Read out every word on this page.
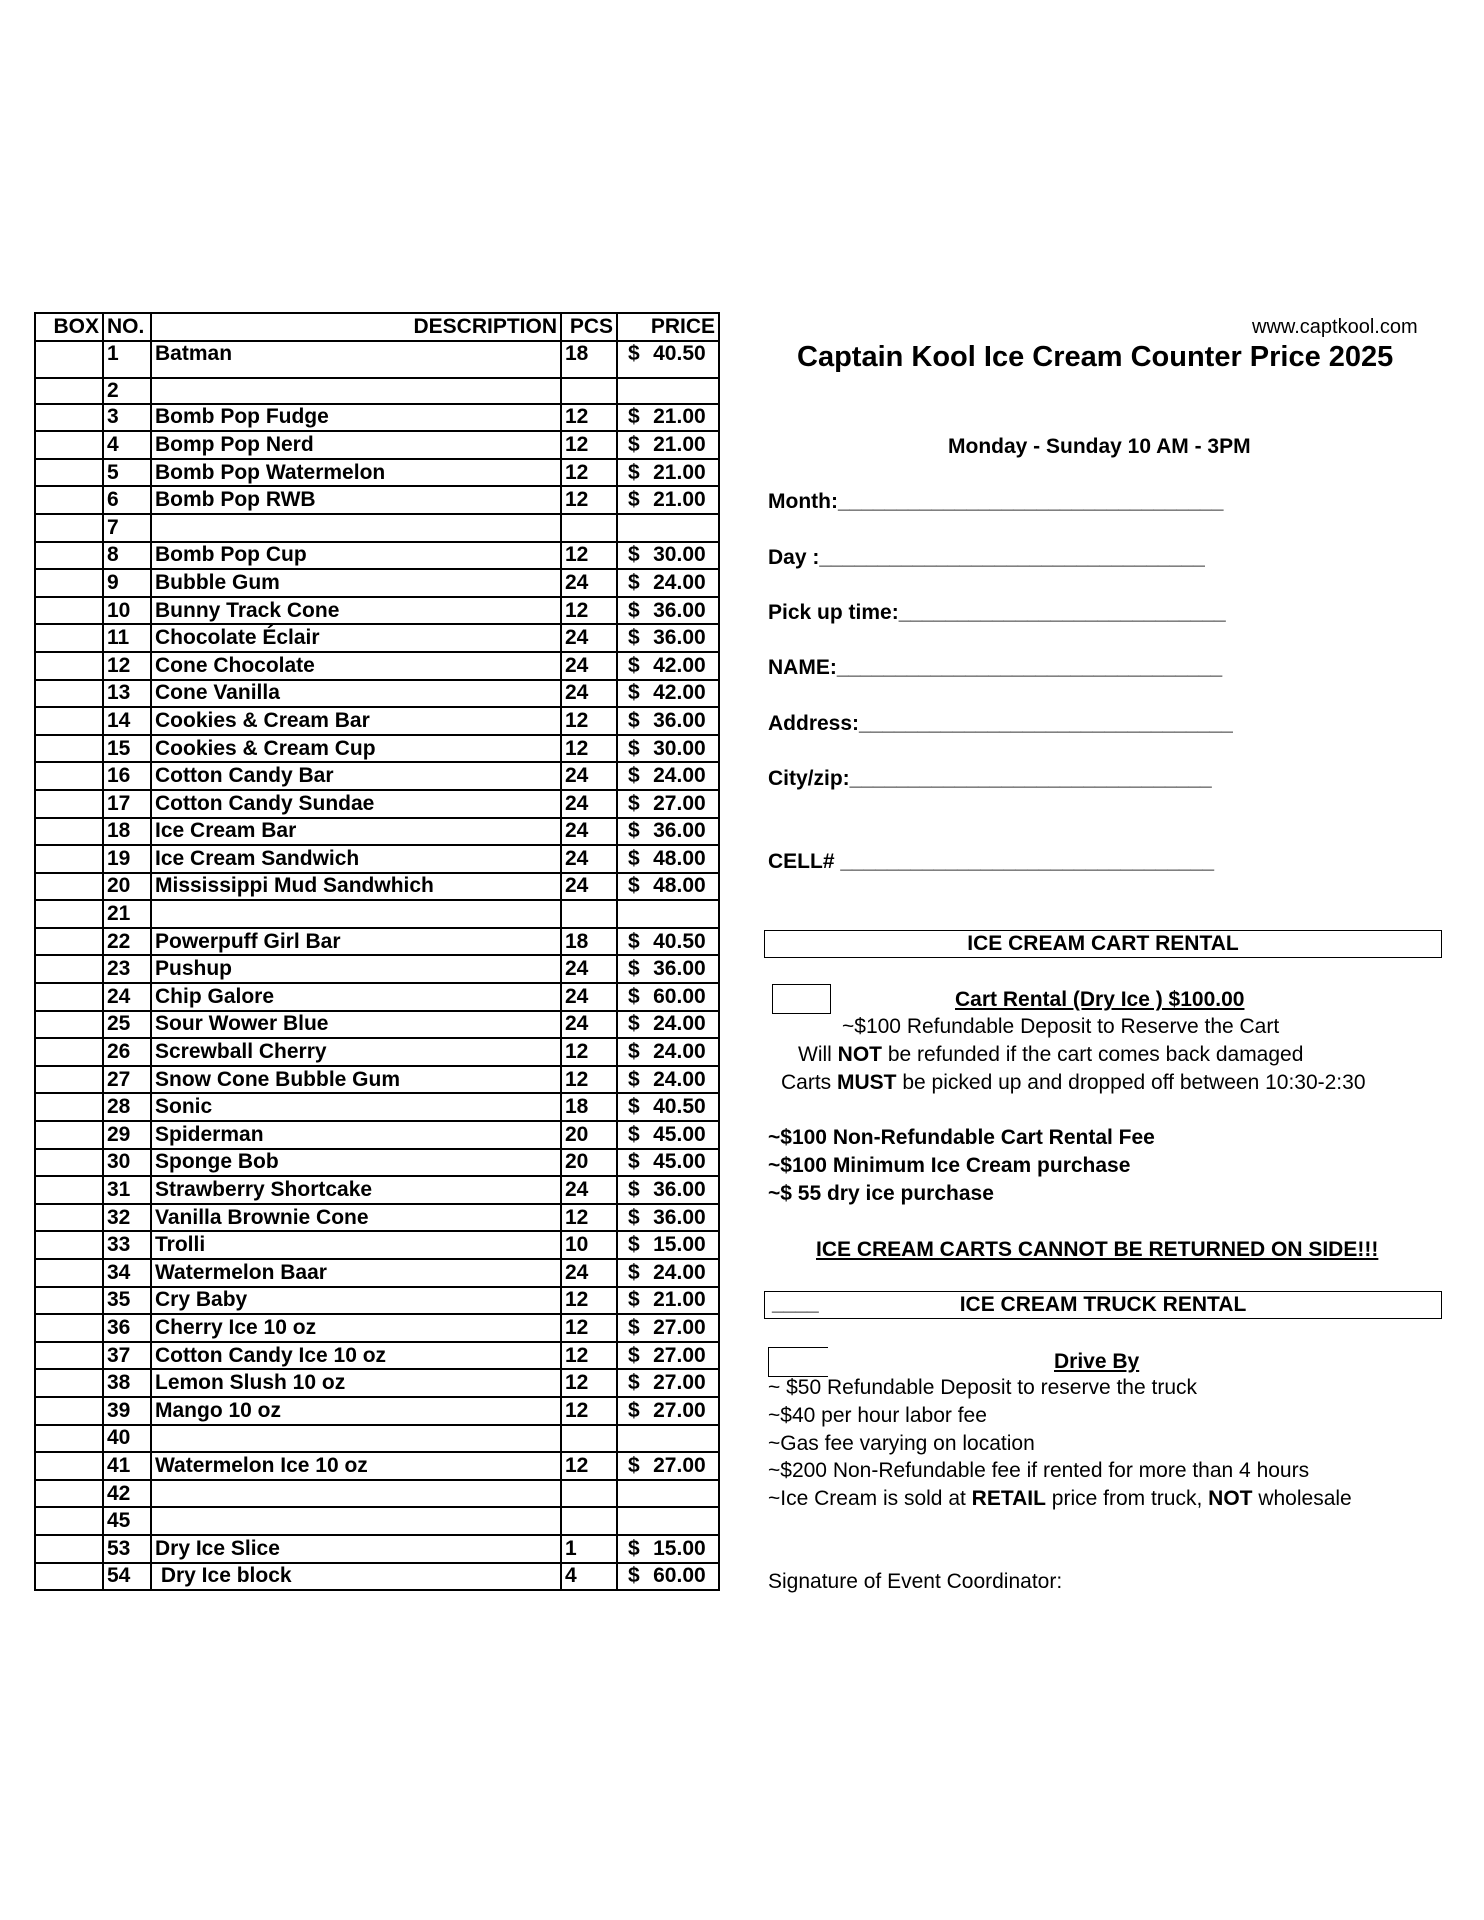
BOX	NO.	DESCRIPTION	PCS	PRICE
	1	Batman	18	$ 40.50
	2			
	3	Bomb Pop Fudge	12	$ 21.00
	4	Bomp Pop Nerd	12	$ 21.00
	5	Bomb Pop Watermelon	12	$ 21.00
	6	Bomb Pop RWB	12	$ 21.00
	7			
	8	Bomb Pop Cup	12	$ 30.00
	9	Bubble Gum	24	$ 24.00
	10	Bunny Track Cone	12	$ 36.00
	11	Chocolate Éclair	24	$ 36.00
	12	Cone Chocolate	24	$ 42.00
	13	Cone Vanilla	24	$ 42.00
	14	Cookies & Cream Bar	12	$ 36.00
	15	Cookies & Cream Cup	12	$ 30.00
	16	Cotton Candy Bar	24	$ 24.00
	17	Cotton Candy Sundae	24	$ 27.00
	18	Ice Cream Bar	24	$ 36.00
	19	Ice Cream Sandwich	24	$ 48.00
	20	Mississippi Mud Sandwhich	24	$ 48.00
	21			
	22	Powerpuff Girl Bar	18	$ 40.50
	23	Pushup	24	$ 36.00
	24	Chip Galore	24	$ 60.00
	25	Sour Wower Blue	24	$ 24.00
	26	Screwball Cherry	12	$ 24.00
	27	Snow Cone Bubble Gum	12	$ 24.00
	28	Sonic	18	$ 40.50
	29	Spiderman	20	$ 45.00
	30	Sponge Bob	20	$ 45.00
	31	Strawberry Shortcake	24	$ 36.00
	32	Vanilla Brownie Cone	12	$ 36.00
	33	Trolli	10	$ 15.00
	34	Watermelon Baar	24	$ 24.00
	35	Cry Baby	12	$ 21.00
	36	Cherry Ice 10 oz	12	$ 27.00
	37	Cotton Candy Ice 10 oz	12	$ 27.00
	38	Lemon Slush 10 oz	12	$ 27.00
	39	Mango 10 oz	12	$ 27.00
	40			
	41	Watermelon Ice 10 oz	12	$ 27.00
	42			
	45			
	53	Dry Ice Slice	1	$ 15.00
	54	Dry Ice block	4	$ 60.00
www.captkool.com
Captain Kool Ice Cream Counter Price 2025
Monday - Sunday 10 AM - 3PM
Month:_________________________________
Day :_________________________________
Pick up time:____________________________
NAME:_________________________________
Address:________________________________
City/zip:_______________________________
CELL# ________________________________
ICE CREAM CART RENTAL
Cart Rental (Dry Ice ) $100.00
~$100 Refundable Deposit to Reserve the Cart
Will NOT be refunded if the cart comes back damaged
Carts MUST be picked up and dropped off between 10:30-2:30
~$100 Non-Refundable Cart Rental Fee
~$100 Minimum Ice Cream purchase
~$ 55 dry ice purchase
ICE CREAM CARTS CANNOT BE RETURNED ON SIDE!!!
ICE CREAM TRUCK RENTAL
____
Drive By
~ $50 Refundable Deposit to reserve the truck
~$40 per hour labor fee
~Gas fee varying on location
~$200 Non-Refundable fee if rented for more than 4 hours
~Ice Cream is sold at RETAIL price from truck, NOT wholesale
Signature of Event Coordinator:
